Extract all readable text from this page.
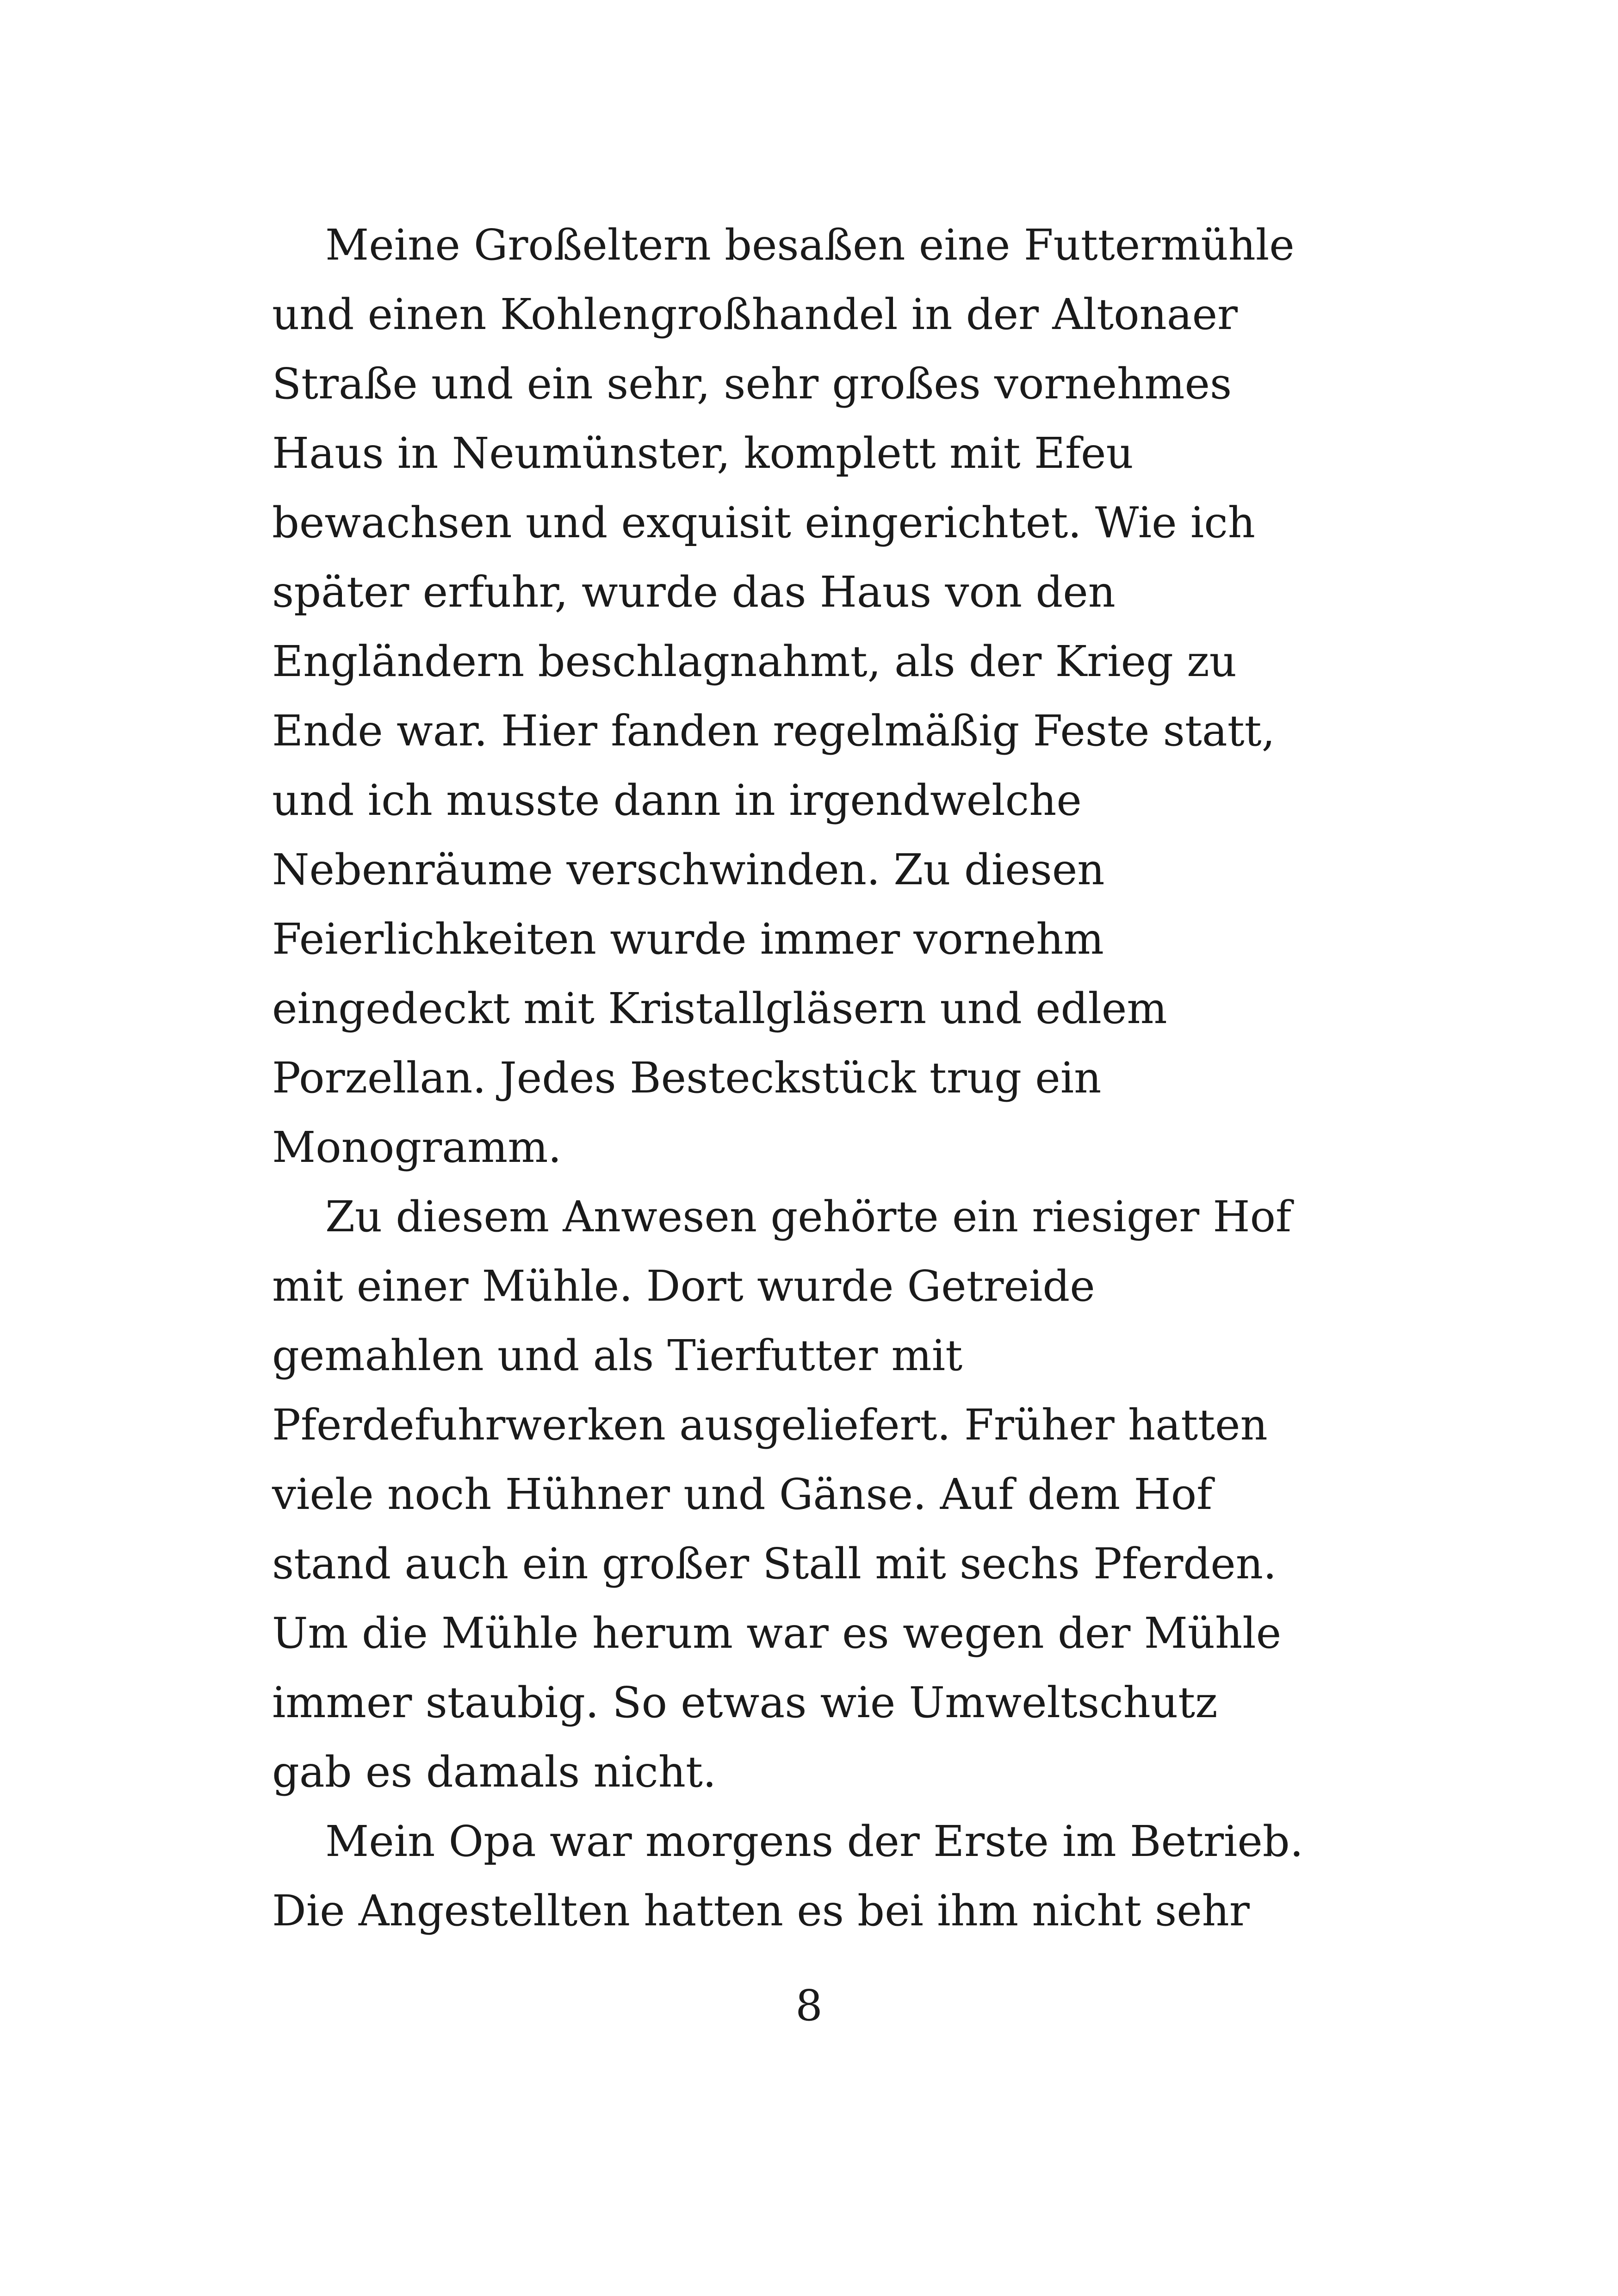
Meine Großeltern besaßen eine Futtermühle
und einen Kohlengroßhandel in der Altonaer
Straße und ein sehr, sehr großes vornehmes
Haus in Neumünster, komplett mit Efeu
bewachsen und exquisit eingerichtet. Wie ich
später erfuhr, wurde das Haus von den
Engländern beschlagnahmt, als der Krieg zu
Ende war. Hier fanden regelmäßig Feste statt,
und ich musste dann in irgendwelche
Nebenräume verschwinden. Zu diesen
Feierlichkeiten wurde immer vornehm
eingedeckt mit Kristallgläsern und edlem
Porzellan. Jedes Besteckstück trug ein
Monogramm.
Zu diesem Anwesen gehörte ein riesiger Hof
mit einer Mühle. Dort wurde Getreide
gemahlen und als Tierfutter mit
Pferdefuhrwerken ausgeliefert. Früher hatten
viele noch Hühner und Gänse. Auf dem Hof
stand auch ein großer Stall mit sechs Pferden.
Um die Mühle herum war es wegen der Mühle
immer staubig. So etwas wie Umweltschutz
gab es damals nicht.
Mein Opa war morgens der Erste im Betrieb.
Die Angestellten hatten es bei ihm nicht sehr
8
